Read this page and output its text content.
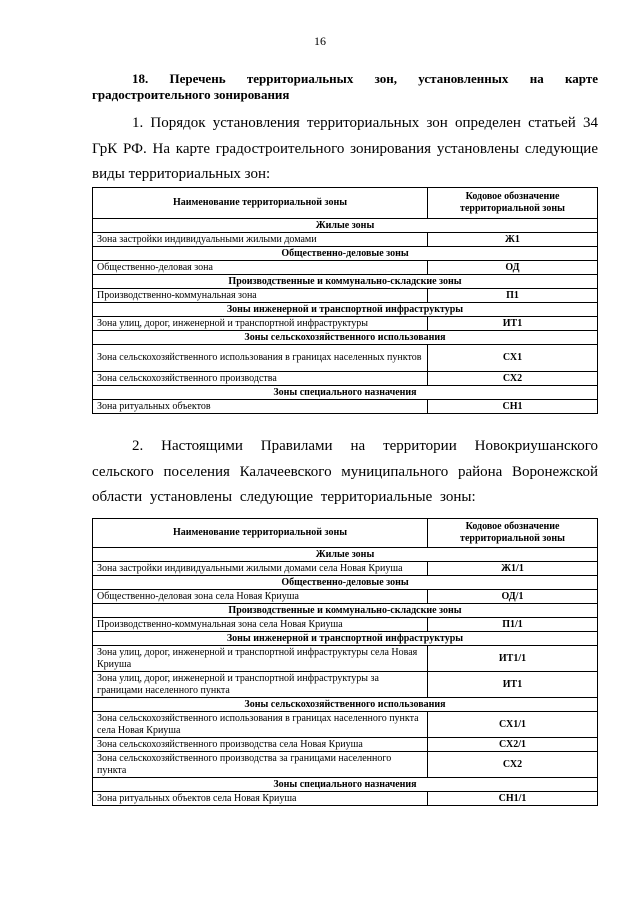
16
18. Перечень территориальных зон, установленных на карте градостроительного зонирования
1. Порядок установления территориальных зон определен статьей 34 ГрК РФ. На карте градостроительного зонирования установлены следующие виды территориальных зон:
Наименование территориальной зоны	Кодовое обозначение территориальной зоны
Жилые зоны	
Зона застройки индивидуальными жилыми домами	Ж1
Общественно-деловые зоны	
Общественно-деловая зона	ОД
Производственные и коммунально-складские зоны	
Производственно-коммунальная зона	П1
Зоны инженерной и транспортной инфраструктуры	
Зона улиц, дорог, инженерной и транспортной инфраструктуры	ИТ1
Зоны сельскохозяйственного использования	
Зона сельскохозяйственного использования в границах населенных пунктов	СХ1
Зона сельскохозяйственного производства	СХ2
Зоны специального назначения	
Зона ритуальных объектов	СН1
2. Настоящими Правилами на территории Новокриушанского сельского поселения Калачеевского муниципального района Воронежской области установлены следующие территориальные зоны:
Наименование территориальной зоны	Кодовое обозначение территориальной зоны
Жилые зоны	
Зона застройки индивидуальными жилыми домами села Новая Криуша	Ж1/1
Общественно-деловые зоны	
Общественно-деловая зона села Новая Криуша	ОД/1
Производственные и коммунально-складские зоны	
Производственно-коммунальная зона села Новая Криуша	П1/1
Зоны инженерной и транспортной инфраструктуры	
Зона улиц, дорог, инженерной и транспортной инфраструктуры села Новая Криуша	ИТ1/1
Зона улиц, дорог, инженерной и транспортной инфраструктуры за границами населенного пункта	ИТ1
Зоны сельскохозяйственного использования	
Зона сельскохозяйственного использования в границах населенного пункта села Новая Криуша	СХ1/1
Зона сельскохозяйственного производства села Новая Криуша	СХ2/1
Зона сельскохозяйственного производства за границами населенного пункта	СХ2
Зоны специального назначения	
Зона ритуальных объектов села Новая Криуша	СН1/1
